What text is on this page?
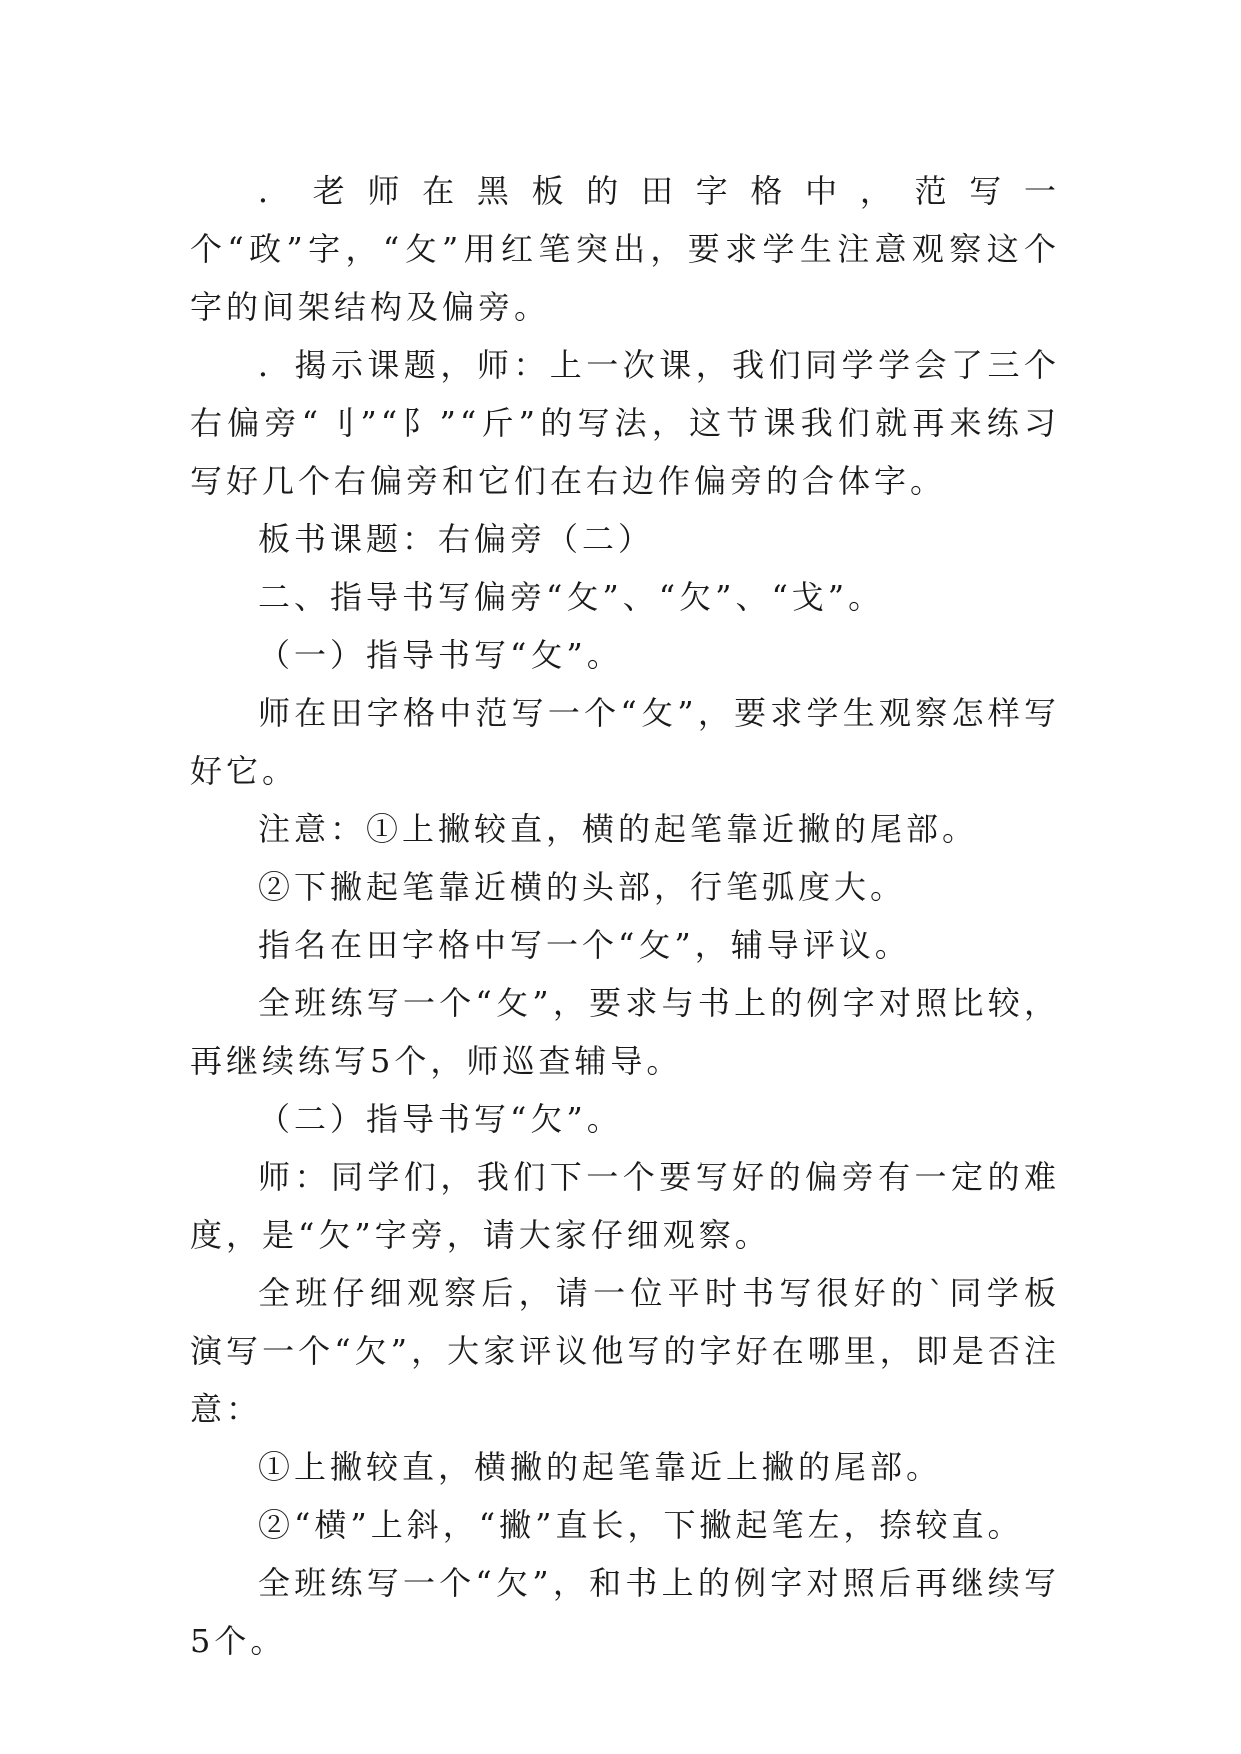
．老师在黑板的田字格中，范写一个“政”字，“攵”用红笔突出，要求学生注意观察这个字的间架结构及偏旁。

．揭示课题，师：上一次课，我们同学学会了三个右偏旁“刂”“阝”“斤”的写法，这节课我们就再来练习写好几个右偏旁和它们在右边作偏旁的合体字。

板书课题：右偏旁（二）

二、指导书写偏旁“攵”、“欠”、“戈”。

（一）指导书写“攵”。

师在田字格中范写一个“攵”，要求学生观察怎样写好它。

注意：①上撇较直，横的起笔靠近撇的尾部。

②下撇起笔靠近横的头部，行笔弧度大。

指名在田字格中写一个“攵”，辅导评议。

全班练写一个“攵”，要求与书上的例字对照比较，再继续练写5个，师巡查辅导。

（二）指导书写“欠”。

师：同学们，我们下一个要写好的偏旁有一定的难度，是“欠”字旁，请大家仔细观察。

全班仔细观察后，请一位平时书写很好的`同学板演写一个“欠”，大家评议他写的字好在哪里，即是否注意：

①上撇较直，横撇的起笔靠近上撇的尾部。

②“横”上斜，“撇”直长，下撇起笔左，捺较直。

全班练写一个“欠”，和书上的例字对照后再继续写5个。
